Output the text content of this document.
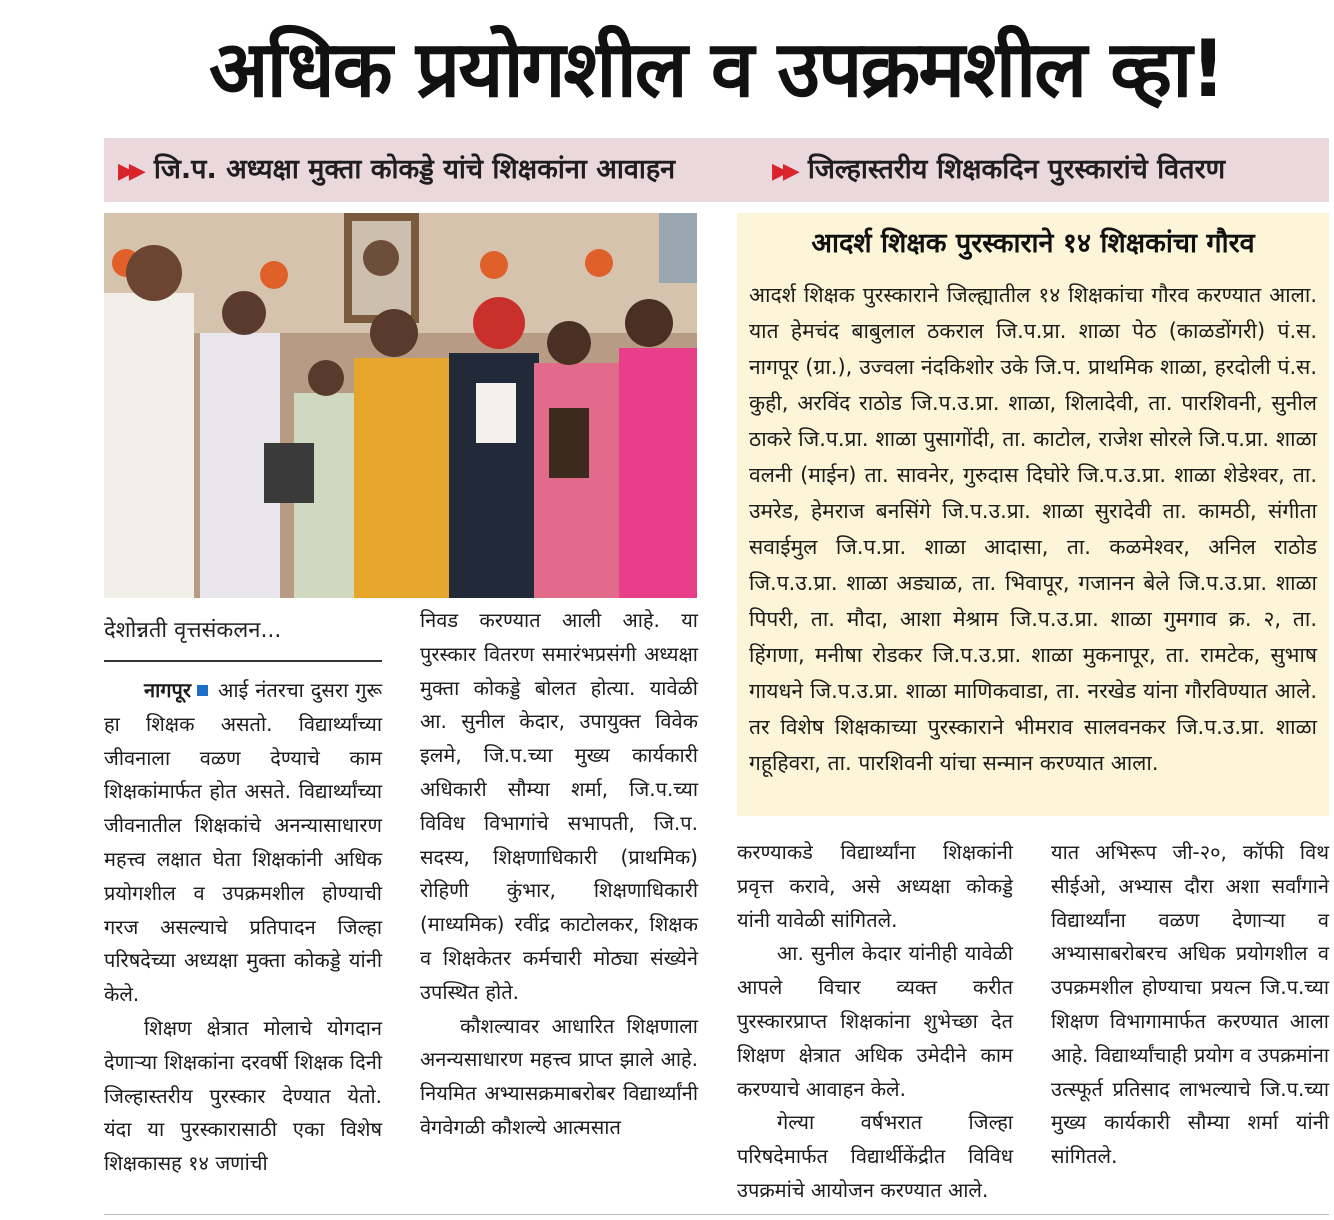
अधिक प्रयोगशील व उपक्रमशील व्हा!
▶▶ जि.प. अध्यक्षा मुक्ता कोकड्डे यांचे शिक्षकांना आवाहन	▶▶ जिल्हास्तरीय शिक्षकदिन पुरस्कारांचे वितरण
आदर्श शिक्षक पुरस्काराने १४ शिक्षकांचा गौरव
आदर्श शिक्षक पुरस्काराने जिल्ह्यातील १४ शिक्षकांचा गौरव करण्यात आला. यात हेमचंद बाबुलाल ठकराल जि.प.प्रा. शाळा पेठ (काळडोंगरी) पं.स. नागपूर (ग्रा.), उज्वला नंदकिशोर उके जि.प. प्राथमिक शाळा, हरदोली पं.स. कुही, अरविंद राठोड जि.प.उ.प्रा. शाळा, शिलादेवी, ता. पारशिवनी, सुनील ठाकरे जि.प.प्रा. शाळा पुसागोंदी, ता. काटोल, राजेश सोरले जि.प.प्रा. शाळा वलनी (माईन) ता. सावनेर, गुरुदास दिघोरे जि.प.उ.प्रा. शाळा शेडेश्वर, ता. उमरेड, हेमराज बनसिंगे जि.प.उ.प्रा. शाळा सुरादेवी ता. कामठी, संगीता सवाईमुल जि.प.प्रा. शाळा आदासा, ता. कळमेश्वर, अनिल राठोड जि.प.उ.प्रा. शाळा अड्याळ, ता. भिवापूर, गजानन बेले जि.प.उ.प्रा. शाळा पिपरी, ता. मौदा, आशा मेश्राम जि.प.उ.प्रा. शाळा गुमगाव क्र. २, ता. हिंगणा, मनीषा रोडकर जि.प.उ.प्रा. शाळा मुकनापूर, ता. रामटेक, सुभाष गायधने जि.प.उ.प्रा. शाळा माणिकवाडा, ता. नरखेड यांना गौरविण्यात आले. तर विशेष शिक्षकाच्या पुरस्काराने भीमराव सालवनकर जि.प.उ.प्रा. शाळा गहूहिवरा, ता. पारशिवनी यांचा सन्मान करण्यात आला.
देशोन्नती वृत्तसंकलन...

नागपूर आई नंतरचा दुसरा गुरू हा शिक्षक असतो. विद्यार्थ्यांच्या जीवनाला वळण देण्याचे काम शिक्षकांमार्फत होत असते. विद्यार्थ्यांच्या जीवनातील शिक्षकांचे अनन्यासाधारण महत्त्व लक्षात घेता शिक्षकांनी अधिक प्रयोगशील व उपक्रमशील होण्याची गरज असल्याचे प्रतिपादन जिल्हा परिषदेच्या अध्यक्षा मुक्ता कोकड्डे यांनी केले.

शिक्षण क्षेत्रात मोलाचे योगदान देणाऱ्या शिक्षकांना दरवर्षी शिक्षक दिनी जिल्हास्तरीय पुरस्कार देण्यात येतो. यंदा या पुरस्कारासाठी एका विशेष शिक्षकासह १४ जणांची

निवड करण्यात आली आहे. या पुरस्कार वितरण समारंभप्रसंगी अध्यक्षा मुक्ता कोकड्डे बोलत होत्या. यावेळी आ. सुनील केदार, उपायुक्त विवेक इलमे, जि.प.च्या मुख्य कार्यकारी अधिकारी सौम्या शर्मा, जि.प.च्या विविध विभागांचे सभापती, जि.प. सदस्य, शिक्षणाधिकारी (प्राथमिक) रोहिणी कुंभार, शिक्षणाधिकारी (माध्यमिक) रवींद्र काटोलकर, शिक्षक व शिक्षकेतर कर्मचारी मोठ्या संख्येने उपस्थित होते.

कौशल्यावर आधारित शिक्षणाला अनन्यसाधारण महत्त्व प्राप्त झाले आहे. नियमित अभ्यासक्रमाबरोबर विद्यार्थ्यांनी वेगवेगळी कौशल्ये आत्मसात

करण्याकडे विद्यार्थ्यांना शिक्षकांनी प्रवृत्त करावे, असे अध्यक्षा कोकड्डे यांनी यावेळी सांगितले.

आ. सुनील केदार यांनीही यावेळी आपले विचार व्यक्त करीत पुरस्कारप्राप्त शिक्षकांना शुभेच्छा देत शिक्षण क्षेत्रात अधिक उमेदीने काम करण्याचे आवाहन केले.

गेल्या वर्षभरात जिल्हा परिषदेमार्फत विद्यार्थीकेंद्रीत विविध उपक्रमांचे आयोजन करण्यात आले.

यात अभिरूप जी-२०, कॉफी विथ सीईओ, अभ्यास दौरा अशा सर्वांगाने विद्यार्थ्यांना वळण देणाऱ्या व अभ्यासाबरोबरच अधिक प्रयोगशील व उपक्रमशील होण्याचा प्रयत्न जि.प.च्या शिक्षण विभागामार्फत करण्यात आला आहे. विद्यार्थ्यांचाही प्रयोग व उपक्रमांना उत्स्फूर्त प्रतिसाद लाभल्याचे जि.प.च्या मुख्य कार्यकारी सौम्या शर्मा यांनी सांगितले.
